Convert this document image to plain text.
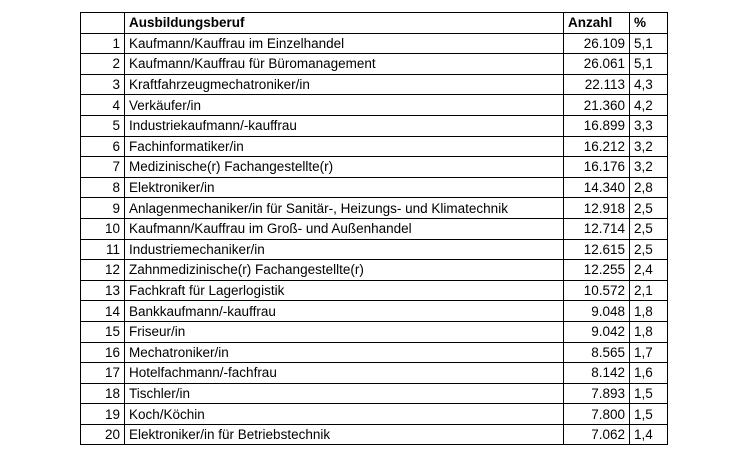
	Ausbildungsberuf	Anzahl	%
1	Kaufmann/Kauffrau im Einzelhandel	26.109	5,1
2	Kaufmann/Kauffrau für Büromanagement	26.061	5,1
3	Kraftfahrzeugmechatroniker/in	22.113	4,3
4	Verkäufer/in	21.360	4,2
5	Industriekaufmann/-kauffrau	16.899	3,3
6	Fachinformatiker/in	16.212	3,2
7	Medizinische(r) Fachangestellte(r)	16.176	3,2
8	Elektroniker/in	14.340	2,8
9	Anlagenmechaniker/in für Sanitär-, Heizungs- und Klimatechnik	12.918	2,5
10	Kaufmann/Kauffrau im Groß- und Außenhandel	12.714	2,5
11	Industriemechaniker/in	12.615	2,5
12	Zahnmedizinische(r) Fachangestellte(r)	12.255	2,4
13	Fachkraft für Lagerlogistik	10.572	2,1
14	Bankkaufmann/-kauffrau	9.048	1,8
15	Friseur/in	9.042	1,8
16	Mechatroniker/in	8.565	1,7
17	Hotelfachmann/-fachfrau	8.142	1,6
18	Tischler/in	7.893	1,5
19	Koch/Köchin	7.800	1,5
20	Elektroniker/in für Betriebstechnik	7.062	1,4
